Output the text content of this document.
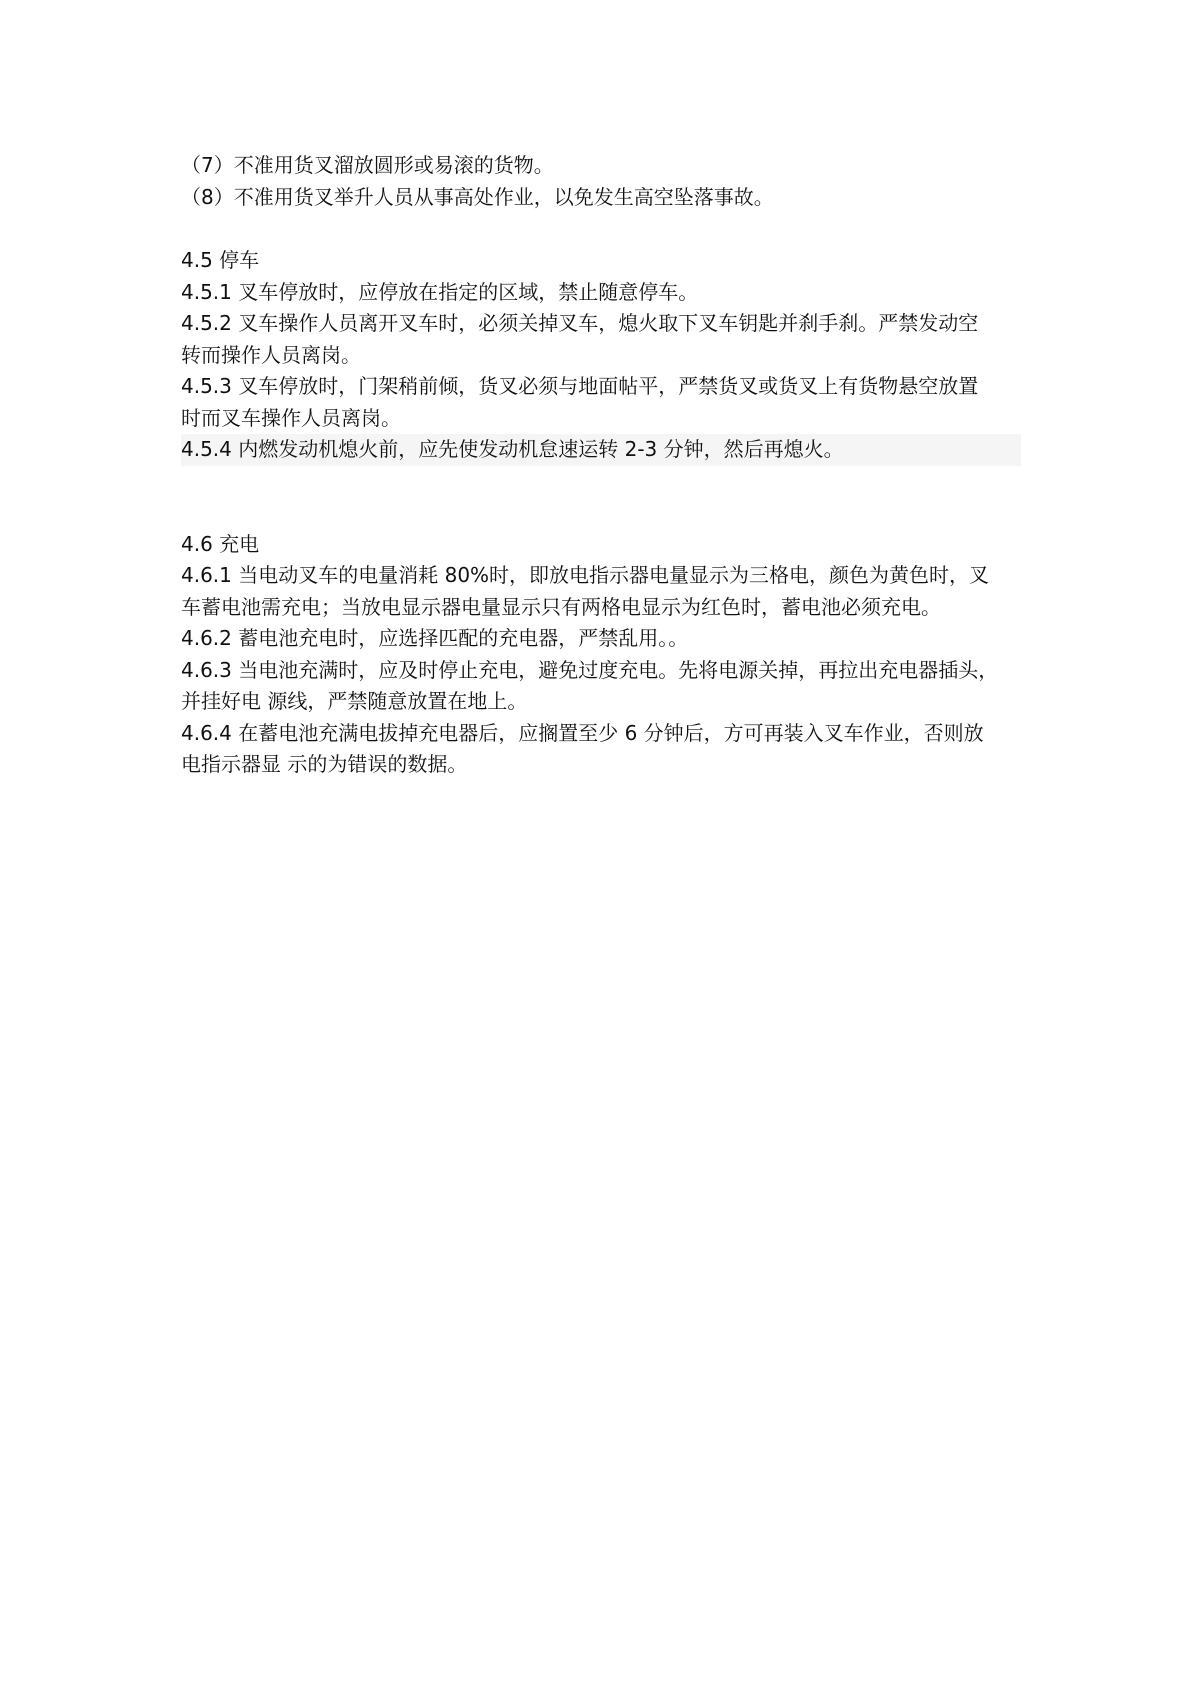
（7）不准用货叉溜放圆形或易滚的货物。
（8）不准用货叉举升人员从事高处作业，以免发生高空坠落事故。
4.5 停车
4.5.1 叉车停放时，应停放在指定的区域，禁止随意停车。
4.5.2 叉车操作人员离开叉车时，必须关掉叉车，熄火取下叉车钥匙并刹手刹。严禁发动空
转而操作人员离岗。
4.5.3 叉车停放时，门架稍前倾，货叉必须与地面帖平，严禁货叉或货叉上有货物悬空放置
时而叉车操作人员离岗。
4.5.4 内燃发动机熄火前，应先使发动机怠速运转 2-3 分钟，然后再熄火。
4.6 充电
4.6.1 当电动叉车的电量消耗 80%时，即放电指示器电量显示为三格电，颜色为黄色时，叉
车蓄电池需充电；当放电显示器电量显示只有两格电显示为红色时，蓄电池必须充电。
4.6.2 蓄电池充电时，应选择匹配的充电器，严禁乱用。。
4.6.3 当电池充满时，应及时停止充电，避免过度充电。先将电源关掉，再拉出充电器插头，
并挂好电 源线，严禁随意放置在地上。
4.6.4 在蓄电池充满电拔掉充电器后，应搁置至少 6 分钟后，方可再装入叉车作业，否则放
电指示器显 示的为错误的数据。
